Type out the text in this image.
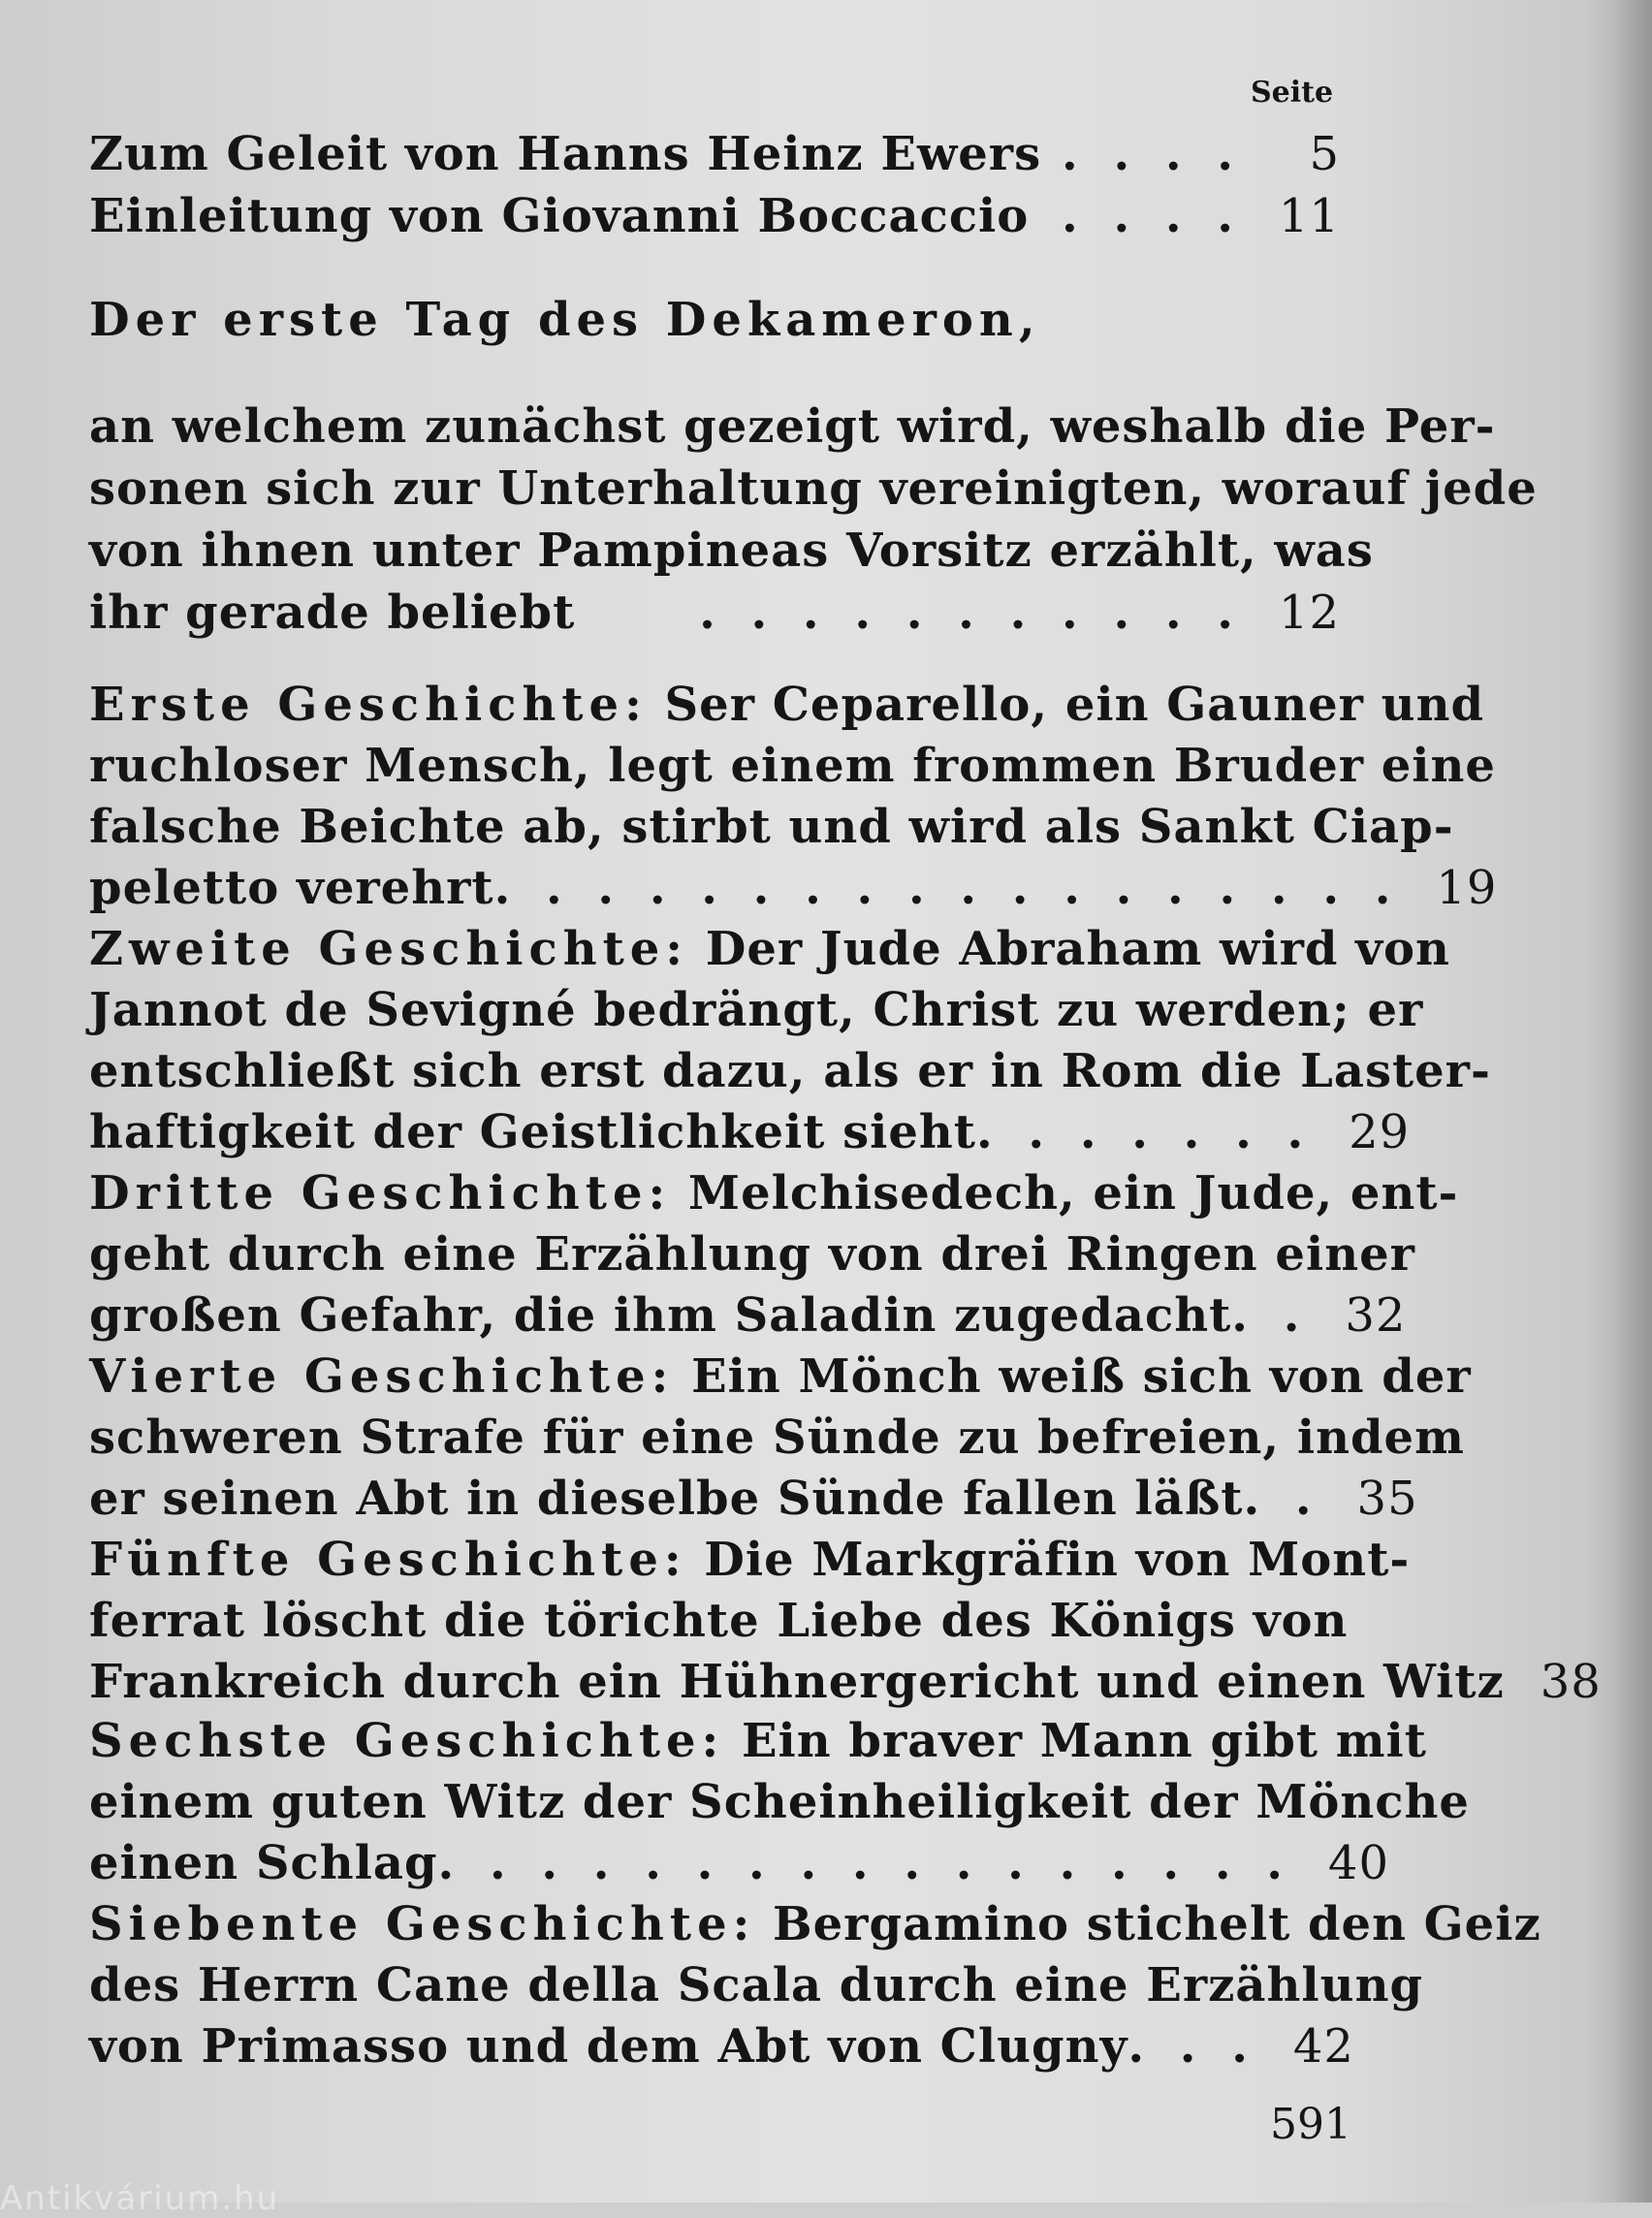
Seite
Zum Geleit von Hanns Heinz Ewers . . . .	5
Einleitung von Giovanni Boccaccio . . . . 11
Der erste Tag des Dekameron,
an welchem zunächst gezeigt wird, weshalb die Per-
sonen sich zur Unterhaltung vereinigten, worauf jede
von ihnen unter Pampineas Vorsitz erzählt, was
ihr gerade beliebt	. . . . . . . . . . . 12
Erste Geschichte: Ser Ceparello, ein Gauner und
ruchloser Mensch, legt einem frommen Bruder eine
falsche Beichte ab, stirbt und wird als Sankt Ciap-
peletto verehrt . . . . . . . . . . . . . . . . . . 19
Zweite Geschichte: Der Jude Abraham wird von
Jannot de Sevigné bedrängt, Christ zu werden; er
entschließt sich erst dazu, als er in Rom die Laster-
haftigkeit der Geistlichkeit sieht . . . . . . . 29
Dritte Geschichte: Melchisedech, ein Jude, ent-
geht durch eine Erzählung von drei Ringen einer
großen Gefahr, die ihm Saladin zugedacht . . 32
Vierte Geschichte: Ein Mönch weiß sich von der
schweren Strafe für eine Sünde zu befreien, indem
er seinen Abt in dieselbe Sünde fallen läßt . . 35
Fünfte Geschichte: Die Markgräfin von Mont-
ferrat löscht die törichte Liebe des Königs von
Frankreich durch ein Hühnergericht und einen Witz 38
Sechste Geschichte: Ein braver Mann gibt mit
einem guten Witz der Scheinheiligkeit der Mönche
einen Schlag . . . . . . . . . . . . . . . . . 40
Siebente Geschichte: Bergamino stichelt den Geiz
des Herrn Cane della Scala durch eine Erzählung
von Primasso und dem Abt von Clugny . . . 42
591
Antikvárium.hu
